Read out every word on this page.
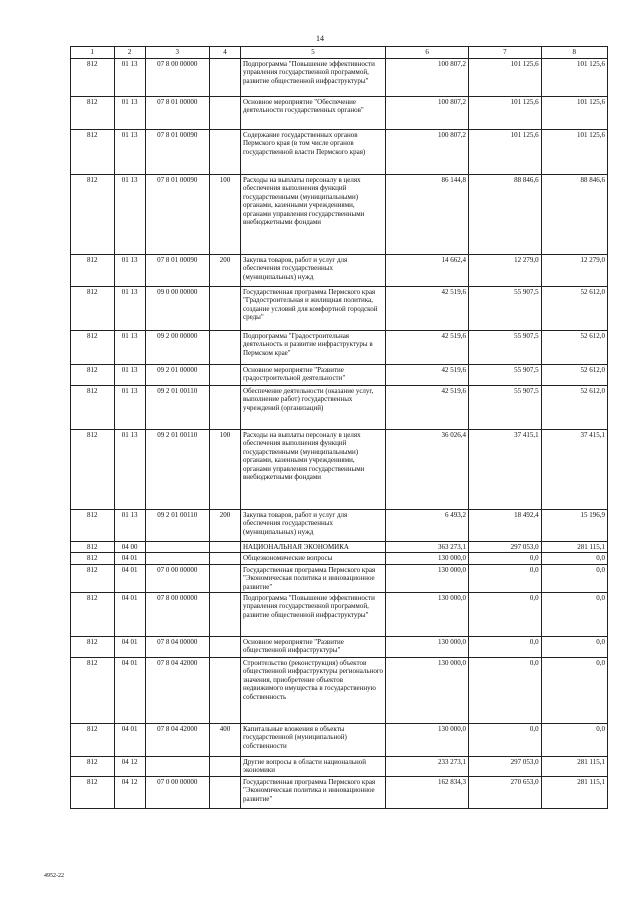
14
1	2	3	4	5	6	7	8
812	01 13	07 8 00 00000		Подпрограмма "Повышение эффективности управления государственной программой, развитие общественной инфраструктуры"	100 807,2	101 125,6	101 125,6
812	01 13	07 8 01 00000		Основное мероприятие "Обеспечение деятельности государственных органов"	100 807,2	101 125,6	101 125,6
812	01 13	07 8 01 00090		Содержание государственных органов Пермского края (в том числе органов государственной власти Пермского края)	100 807,2	101 125,6	101 125,6
812	01 13	07 8 01 00090	100	Расходы на выплаты персоналу в целях обеспечения выполнения функций государственными (муниципальными) органами, казенными учреждениями, органами управления государственными внебюджетными фондами	86 144,8	88 846,6	88 846,6
812	01 13	07 8 01 00090	200	Закупка товаров, работ и услуг для обеспечения государственных (муниципальных) нужд	14 662,4	12 279,0	12 279,0
812	01 13	09 0 00 00000		Государственная программа Пермского края "Градостроительная и жилищная политика, создание условий для комфортной городской среды"	42 519,6	55 907,5	52 612,0
812	01 13	09 2 00 00000		Подпрограмма "Градостроительная деятельность и развитие инфраструктуры в Пермском крае"	42 519,6	55 907,5	52 612,0
812	01 13	09 2 01 00000		Основное мероприятие "Развитие градостроительной деятельности"	42 519,6	55 907,5	52 612,0
812	01 13	09 2 01 00110		Обеспечение деятельности (оказание услуг, выполнение работ) государственных учреждений (организаций)	42 519,6	55 907,5	52 612,0
812	01 13	09 2 01 00110	100	Расходы на выплаты персоналу в целях обеспечения выполнения функций государственными (муниципальными) органами, казенными учреждениями, органами управления государственными внебюджетными фондами	36 026,4	37 415,1	37 415,1
812	01 13	09 2 01 00110	200	Закупка товаров, работ и услуг для обеспечения государственных (муниципальных) нужд	6 493,2	18 492,4	15 196,9
812	04 00			НАЦИОНАЛЬНАЯ ЭКОНОМИКА	363 273,1	297 053,0	281 115,1
812	04 01			Общеэкономические вопросы	130 000,0	0,0	0,0
812	04 01	07 0 00 00000		Государственная программа Пермского края "Экономическая политика и инновационное развитие"	130 000,0	0,0	0,0
812	04 01	07 8 00 00000		Подпрограмма "Повышение эффективности управления государственной программой, развитие общественной инфраструктуры"	130 000,0	0,0	0,0
812	04 01	07 8 04 00000		Основное мероприятие "Развитие общественной инфраструктуры"	130 000,0	0,0	0,0
812	04 01	07 8 04 42000		Строительство (реконструкция) объектов общественной инфраструктуры регионального значения, приобретение объектов недвижимого имущества в государственную собственность	130 000,0	0,0	0,0
812	04 01	07 8 04 42000	400	Капитальные вложения в объекты государственной (муниципальной) собственности	130 000,0	0,0	0,0
812	04 12			Другие вопросы в области национальной экономики	233 273,1	297 053,0	281 115,1
812	04 12	07 0 00 00000		Государственная программа Пермского края "Экономическая политика и инновационное развитие"	162 834,3	270 653,0	281 115,1
4952-22
